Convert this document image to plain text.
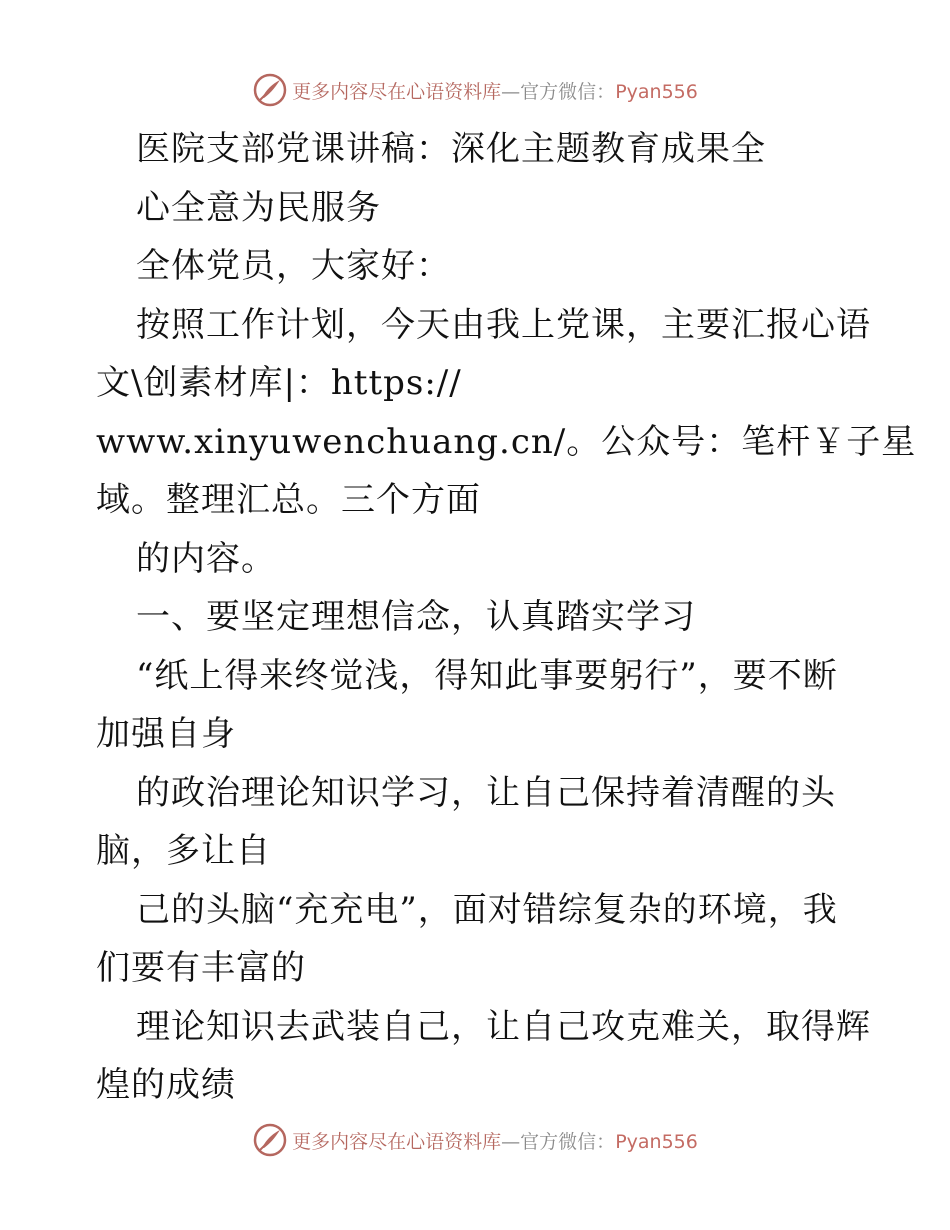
更多内容尽在心语资料库—官方微信：Pyan556
医院支部党课讲稿：深化主题教育成果全
心全意为民服务
全体党员，大家好：
按照工作计划，今天由我上党课，主要汇报心语
文\创素材库|：https://
www.xinyuwenchuang.cn/。公众号：笔杆￥子星
域。整理汇总。三个方面
的内容。
一、要坚定理想信念，认真踏实学习
“纸上得来终觉浅，得知此事要躬行”，要不断
加强自身
的政治理论知识学习，让自己保持着清醒的头
脑，多让自
己的头脑“充充电”，面对错综复杂的环境，我
们要有丰富的
理论知识去武装自己，让自己攻克难关，取得辉
煌的成绩
更多内容尽在心语资料库—官方微信：Pyan556
